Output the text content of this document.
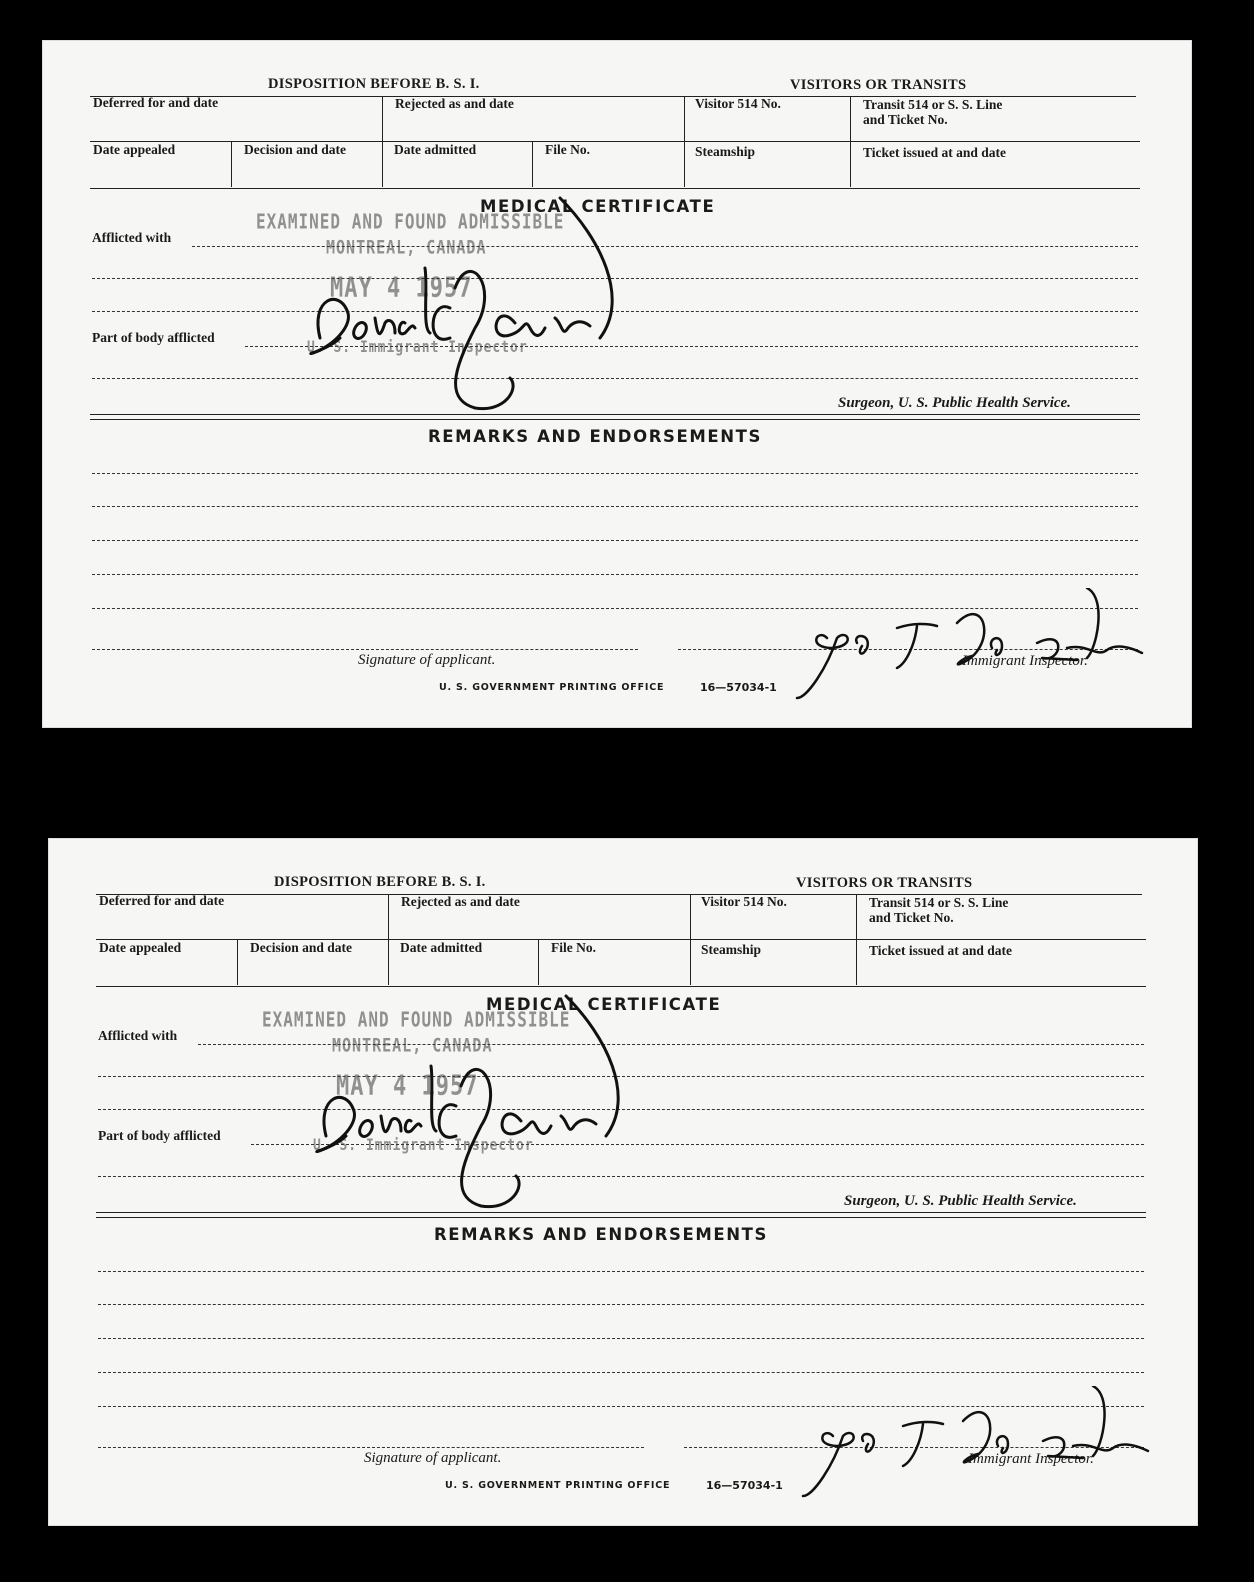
DISPOSITION BEFORE B. S. I.	VISITORS OR TRANSITS
Deferred for and date	Rejected as and date	Visitor 514 No.	Transit 514 or S. S. Line
and Ticket No.
Date appealed	Decision and date	Date admitted	File No.	Steamship	Ticket issued at and date
MEDICAL CERTIFICATE
Afflicted with
Part of body afflicted
Surgeon, U. S. Public Health Service.
REMARKS AND ENDORSEMENTS
Signature of applicant.	Immigrant Inspector.
U. S. GOVERNMENT PRINTING OFFICE	16—57034-1
EXAMINED AND FOUND ADMISSIBLE
MONTREAL, CANADA
MAY 4 1957
U. S. Immigrant Inspector
DISPOSITION BEFORE B. S. I.	VISITORS OR TRANSITS
Deferred for and date	Rejected as and date	Visitor 514 No.	Transit 514 or S. S. Line
and Ticket No.
Date appealed	Decision and date	Date admitted	File No.	Steamship	Ticket issued at and date
MEDICAL CERTIFICATE
Afflicted with
Part of body afflicted
Surgeon, U. S. Public Health Service.
REMARKS AND ENDORSEMENTS
Signature of applicant.	Immigrant Inspector.
U. S. GOVERNMENT PRINTING OFFICE	16—57034-1
EXAMINED AND FOUND ADMISSIBLE
MONTREAL, CANADA
MAY 4 1957
U. S. Immigrant Inspector
